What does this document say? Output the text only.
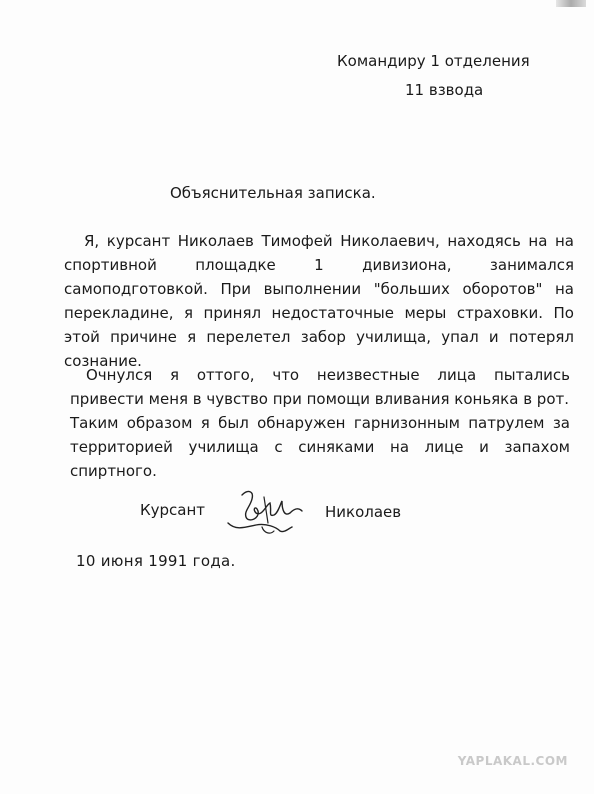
Командиру 1 отделения
11 взвода
Объяснительная записка.
Я, курсант Николаев Тимофей Николаевич, находясь на на спортивной площадке 1 дивизиона, занимался самоподготовкой. При выполнении "больших оборотов" на перекладине, я принял недостаточные меры страховки. По этой причине я перелетел забор училища, упал и потерял сознание.
Очнулся я оттого, что неизвестные лица пытались привести меня в чувство при помощи вливания коньяка в рот.
Таким образом я был обнаружен гарнизонным патрулем за территорией училища с синяками на лице и запахом спиртного.
Курсант	Николаев
10 июня 1991 года.
YAPLAKAL.COM
